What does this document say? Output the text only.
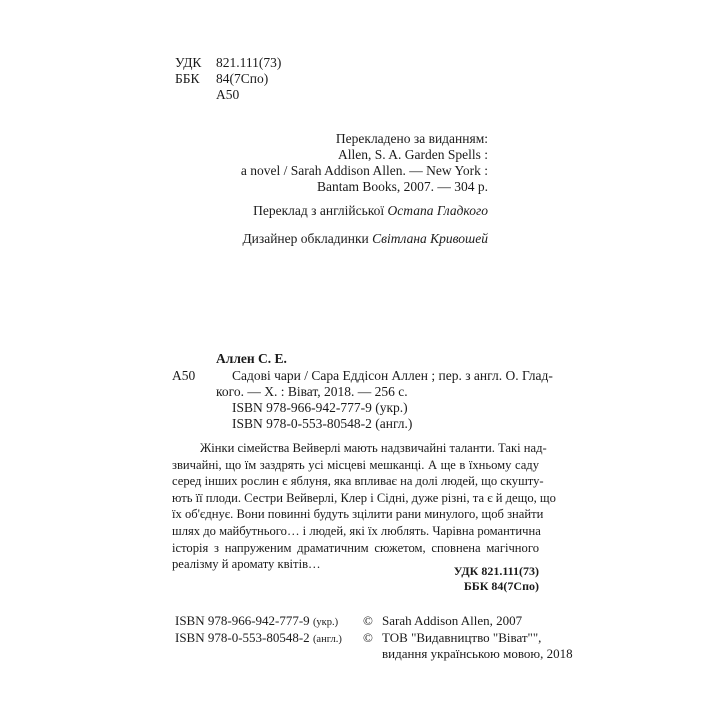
УДК 821.111(73)
ББК 84(7Спо)
А50
Перекладено за виданням:
Allen, S. A. Garden Spells :
a novel / Sarah Addison Allen. — New York :
Bantam Books, 2007. — 304 p.
Переклад з англійської Остапа Гладкого
Дизайнер обкладинки Світлана Кривошей
Аллен С. Е.
А50	Садові чари / Сара Еддісон Аллен ; пер. з англ. О. Глад-
кого. — Х. : Віват, 2018. — 256 с.
ISBN 978-966-942-777-9 (укр.)
ISBN 978-0-553-80548-2 (англ.)
Жінки сімейства Вейверлі мають надзвичайні таланти. Такі над-
звичайні, що їм заздрять усі місцеві мешканці. А ще в їхньому саду
серед інших рослин є яблуня, яка впливає на долі людей, що скушту-
ють її плоди. Сестри Вейверлі, Клер і Сідні, дуже різні, та є й дещо, що
їх об'єднує. Вони повинні будуть зцілити рани минулого, щоб знайти
шлях до майбутнього… і людей, які їх люблять. Чарівна романтична
історія з напруженим драматичним сюжетом, сповнена магічного
реалізму й аромату квітів…	УДК 821.111(73)
ББК 84(7Спо)
ISBN 978-966-942-777-9 (укр.)
ISBN 978-0-553-80548-2 (англ.)
© Sarah Addison Allen, 2007
© ТОВ "Видавництво "Віват"",
видання українською мовою, 2018
